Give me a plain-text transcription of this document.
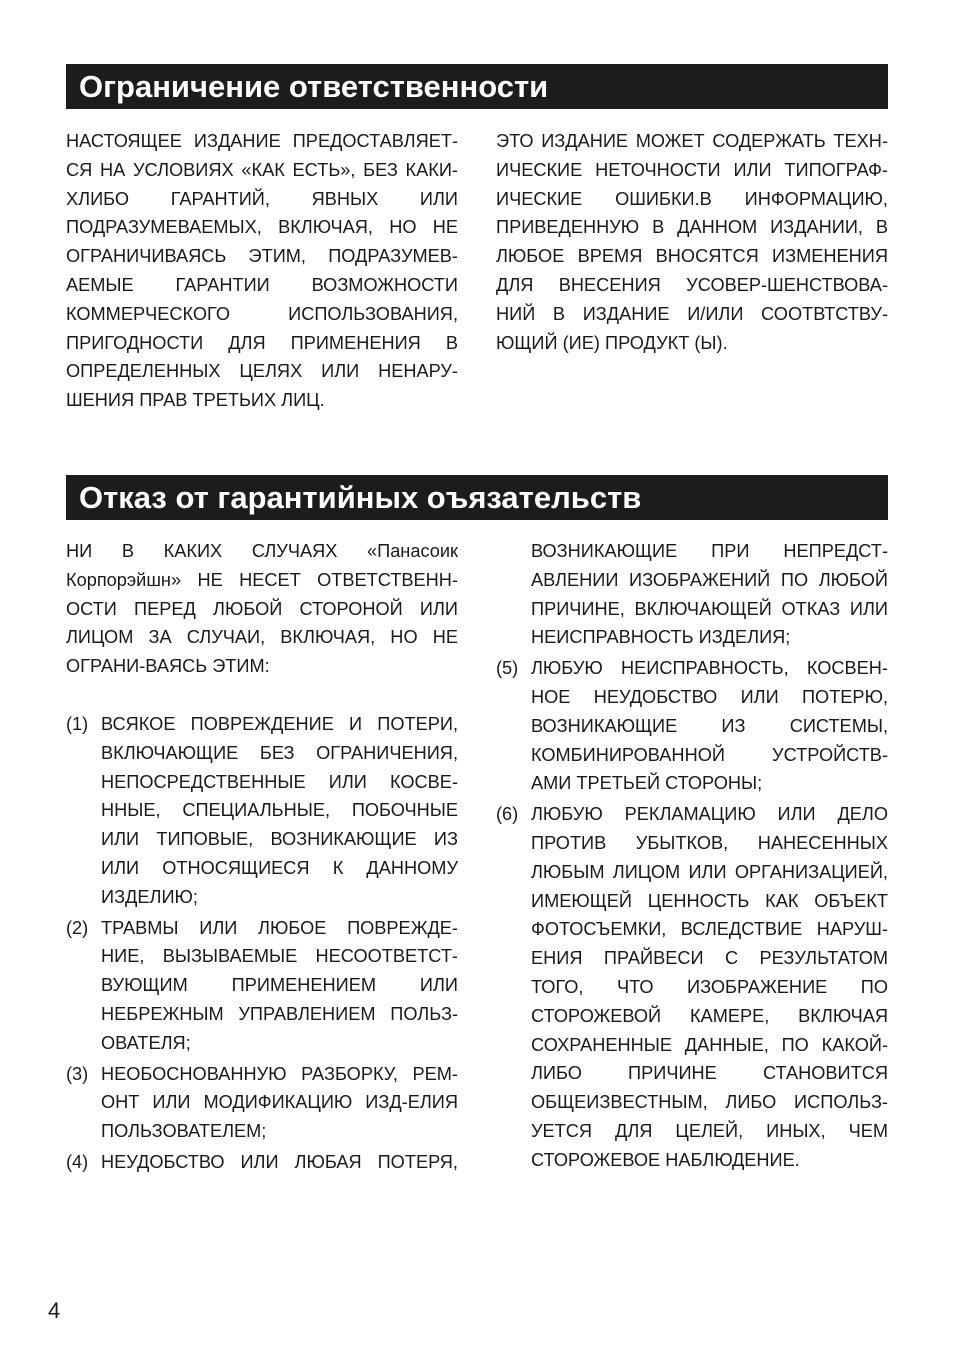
Ограничение ответственности
НАСТОЯЩЕЕ ИЗДАНИЕ ПРЕДОСТАВЛЯЕТ-
СЯ НА УСЛОВИЯХ «КАК ЕСТЬ», БЕЗ КАКИ-
ХЛИБО ГАРАНТИЙ, ЯВНЫХ ИЛИ
ПОДРАЗУМЕВАЕМЫХ, ВКЛЮЧАЯ, НО НЕ
ОГРАНИЧИВАЯСЬ ЭТИМ, ПОДРАЗУМЕВ-
АЕМЫЕ ГАРАНТИИ ВОЗМОЖНОСТИ
КОММЕРЧЕСКОГО ИСПОЛЬЗОВАНИЯ,
ПРИГОДНОСТИ ДЛЯ ПРИМЕНЕНИЯ В
ОПРЕДЕЛЕННЫХ ЦЕЛЯХ ИЛИ НЕНАРУ-
ШЕНИЯ ПРАВ ТРЕТЬИХ ЛИЦ.
ЭТО ИЗДАНИЕ МОЖЕТ СОДЕРЖАТЬ ТЕХН-
ИЧЕСКИЕ НЕТОЧНОСТИ ИЛИ ТИПОГРАФ-
ИЧЕСКИЕ ОШИБКИ.В ИНФОРМАЦИЮ,
ПРИВЕДЕННУЮ В ДАННОМ ИЗДАНИИ, В
ЛЮБОЕ ВРЕМЯ ВНОСЯТСЯ ИЗМЕНЕНИЯ
ДЛЯ ВНЕСЕНИЯ УСОВЕР-ШЕНСТВОВА-
НИЙ В ИЗДАНИЕ И/ИЛИ СООТВТСТВУ-
ЮЩИЙ (ИЕ) ПРОДУКТ (Ы).
Отказ от гарантийных оъязательств
НИ В КАКИХ СЛУЧАЯХ «Панасоик
Корпорэйшн» НЕ НЕСЕТ ОТВЕТСТВЕНН-
ОСТИ ПЕРЕД ЛЮБОЙ СТОРОНОЙ ИЛИ
ЛИЦОМ ЗА СЛУЧАИ, ВКЛЮЧАЯ, НО НЕ
ОГРАНИ-ВАЯСЬ ЭТИМ:
(1) ВСЯКОЕ ПОВРЕЖДЕНИЕ И ПОТЕРИ,
ВКЛЮЧАЮЩИЕ БЕЗ ОГРАНИЧЕНИЯ,
НЕПОСРЕДСТВЕННЫЕ ИЛИ КОСВЕ-
ННЫЕ, СПЕЦИАЛЬНЫЕ, ПОБОЧНЫЕ
ИЛИ ТИПОВЫЕ, ВОЗНИКАЮЩИЕ ИЗ
ИЛИ ОТНОСЯЩИЕСЯ К ДАННОМУ
ИЗДЕЛИЮ;
(2) ТРАВМЫ ИЛИ ЛЮБОЕ ПОВРЕЖДЕ-
НИЕ, ВЫЗЫВАЕМЫЕ НЕСООТВЕТСТ-
ВУЮЩИМ ПРИМЕНЕНИЕМ ИЛИ
НЕБРЕЖНЫМ УПРАВЛЕНИЕМ ПОЛЬЗ-
ОВАТЕЛЯ;
(3) НЕОБОСНОВАННУЮ РАЗБОРКУ, РЕМ-
ОНТ ИЛИ МОДИФИКАЦИЮ ИЗД-ЕЛИЯ
ПОЛЬЗОВАТЕЛЕМ;
(4) НЕУДОБСТВО ИЛИ ЛЮБАЯ ПОТЕРЯ,
ВОЗНИКАЮЩИЕ ПРИ НЕПРЕДСТ-
АВЛЕНИИ ИЗОБРАЖЕНИЙ ПО ЛЮБОЙ
ПРИЧИНЕ, ВКЛЮЧАЮЩЕЙ ОТКАЗ ИЛИ
НЕИСПРАВНОСТЬ ИЗДЕЛИЯ;
(5) ЛЮБУЮ НЕИСПРАВНОСТЬ, КОСВЕН-
НОЕ НЕУДОБСТВО ИЛИ ПОТЕРЮ,
ВОЗНИКАЮЩИЕ ИЗ СИСТЕМЫ,
КОМБИНИРОВАННОЙ УСТРОЙСТВ-
АМИ ТРЕТЬЕЙ СТОРОНЫ;
(6) ЛЮБУЮ РЕКЛАМАЦИЮ ИЛИ ДЕЛО
ПРОТИВ УБЫТКОВ, НАНЕСЕННЫХ
ЛЮБЫМ ЛИЦОМ ИЛИ ОРГАНИЗАЦИЕЙ,
ИМЕЮЩЕЙ ЦЕННОСТЬ КАК ОБЪЕКТ
ФОТОСЪЕМКИ, ВСЛЕДСТВИЕ НАРУШ-
ЕНИЯ ПРАЙВЕСИ С РЕЗУЛЬТАТОМ
ТОГО, ЧТО ИЗОБРАЖЕНИЕ ПО
СТОРОЖЕВОЙ КАМЕРЕ, ВКЛЮЧАЯ
СОХРАНЕННЫЕ ДАННЫЕ, ПО КАКОЙ-
ЛИБО ПРИЧИНЕ СТАНОВИТСЯ
ОБЩЕИЗВЕСТНЫМ, ЛИБО ИСПОЛЬЗ-
УЕТСЯ ДЛЯ ЦЕЛЕЙ, ИНЫХ, ЧЕМ
СТОРОЖЕВОЕ НАБЛЮДЕНИЕ.
4
